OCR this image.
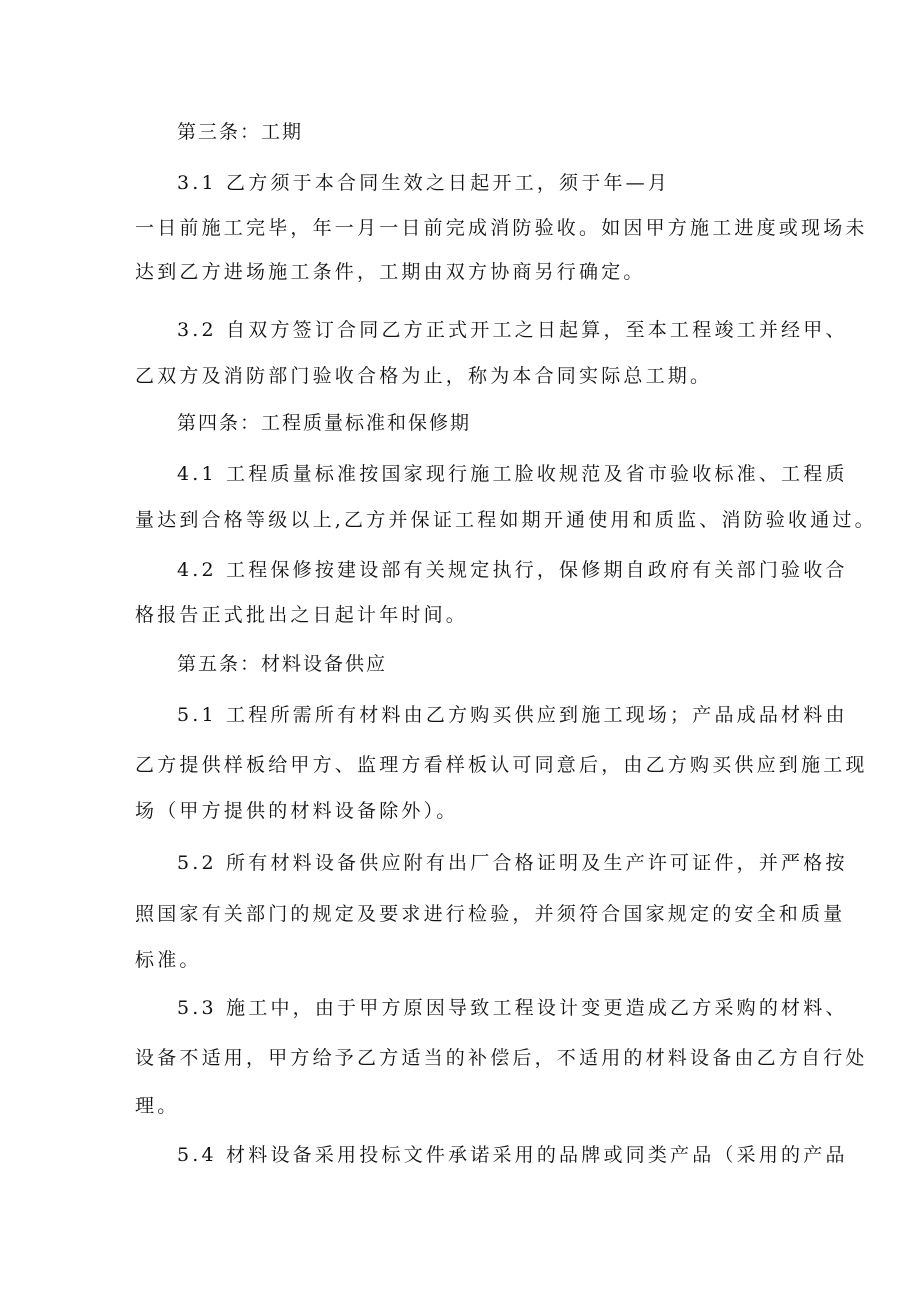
第三条：工期
3.1 乙方须于本合同生效之日起开工，须于年—月
一日前施工完毕，年一月一日前完成消防验收。如因甲方施工进度或现场未
达到乙方进场施工条件，工期由双方协商另行确定。
3.2 自双方签订合同乙方正式开工之日起算，至本工程竣工并经甲、
乙双方及消防部门验收合格为止，称为本合同实际总工期。
第四条：工程质量标准和保修期
4.1 工程质量标准按国家现行施工脸收规范及省市验收标准、工程质
量达到合格等级以上,乙方并保证工程如期开通使用和质监、消防验收通过。
4.2 工程保修按建设部有关规定执行，保修期自政府有关部门验收合
格报告正式批出之日起计年时间。
第五条：材料设备供应
5.1 工程所需所有材料由乙方购买供应到施工现场；产品成品材料由
乙方提供样板给甲方、监理方看样板认可同意后，由乙方购买供应到施工现
场（甲方提供的材料设备除外）。
5.2 所有材料设备供应附有出厂合格证明及生产许可证件，并严格按
照国家有关部门的规定及要求进行检验，并须符合国家规定的安全和质量
标准。
5.3 施工中，由于甲方原因导致工程设计变更造成乙方采购的材料、
设备不适用，甲方给予乙方适当的补偿后，不适用的材料设备由乙方自行处
理。
5.4 材料设备采用投标文件承诺采用的品牌或同类产品（采用的产品
